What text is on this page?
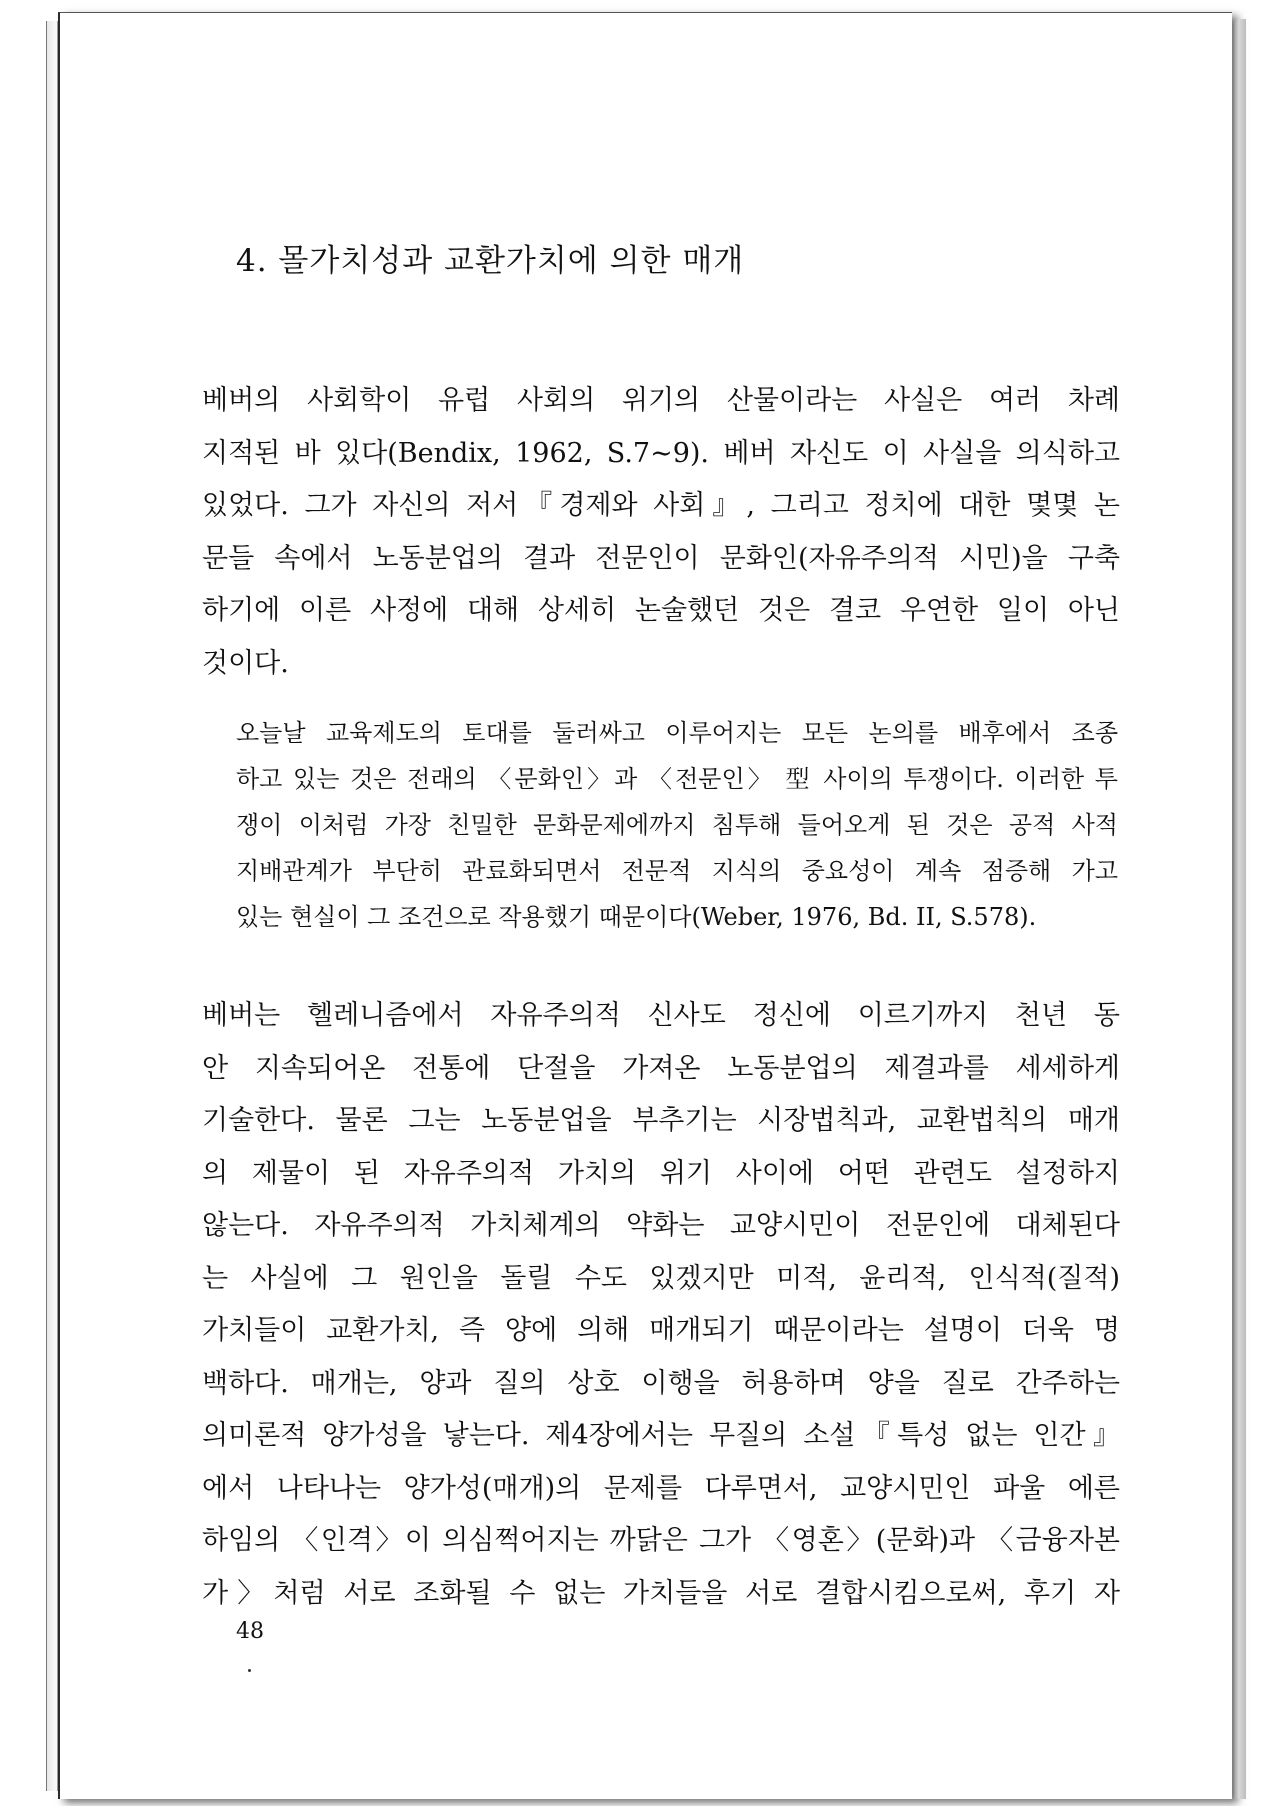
4. 몰가치성과 교환가치에 의한 매개
베버의 사회학이 유럽 사회의 위기의 산물이라는 사실은 여러 차례
지적된 바 있다(Bendix, 1962, S.7∼9). 베버 자신도 이 사실을 의식하고
있었다. 그가 자신의 저서『경제와 사회』, 그리고 정치에 대한 몇몇 논
문들 속에서 노동분업의 결과 전문인이 문화인(자유주의적 시민)을 구축
하기에 이른 사정에 대해 상세히 논술했던 것은 결코 우연한 일이 아닌
것이다.
오늘날 교육제도의 토대를 둘러싸고 이루어지는 모든 논의를 배후에서 조종
하고 있는 것은 전래의 〈문화인〉과 〈전문인〉 型 사이의 투쟁이다. 이러한 투
쟁이 이처럼 가장 친밀한 문화문제에까지 침투해 들어오게 된 것은 공적 사적
지배관계가 부단히 관료화되면서 전문적 지식의 중요성이 계속 점증해 가고
있는 현실이 그 조건으로 작용했기 때문이다(Weber, 1976, Bd. II, S.578).
베버는 헬레니즘에서 자유주의적 신사도 정신에 이르기까지 천년 동
안 지속되어온 전통에 단절을 가져온 노동분업의 제결과를 세세하게
기술한다. 물론 그는 노동분업을 부추기는 시장법칙과, 교환법칙의 매개
의 제물이 된 자유주의적 가치의 위기 사이에 어떤 관련도 설정하지
않는다. 자유주의적 가치체계의 약화는 교양시민이 전문인에 대체된다
는 사실에 그 원인을 돌릴 수도 있겠지만 미적, 윤리적, 인식적(질적)
가치들이 교환가치, 즉 양에 의해 매개되기 때문이라는 설명이 더욱 명
백하다. 매개는, 양과 질의 상호 이행을 허용하며 양을 질로 간주하는
의미론적 양가성을 낳는다. 제4장에서는 무질의 소설『특성 없는 인간』
에서 나타나는 양가성(매개)의 문제를 다루면서, 교양시민인 파울 에른
하임의 〈인격〉이 의심쩍어지는 까닭은 그가 〈영혼〉(문화)과 〈금융자본
가〉처럼 서로 조화될 수 없는 가치들을 서로 결합시킴으로써, 후기 자
48
